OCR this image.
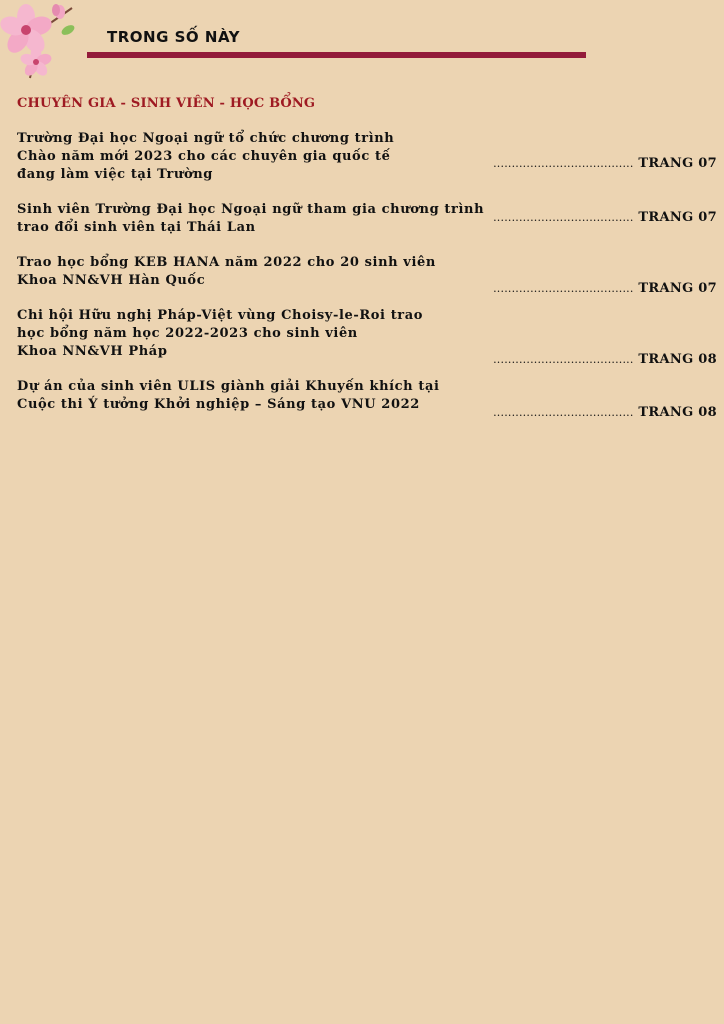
TRONG SỐ NÀY
CHUYÊN GIA - SINH VIÊN - HỌC BỔNG
Trường Đại học Ngoại ngữ tổ chức chương trình
Chào năm mới 2023 cho các chuyên gia quốc tế
đang làm việc tại Trường
...................................... TRANG 07
Sinh viên Trường Đại học Ngoại ngữ tham gia chương trình
trao đổi sinh viên tại Thái Lan
...................................... TRANG 07
Trao học bổng KEB HANA năm 2022 cho 20 sinh viên
Khoa NN&VH Hàn Quốc
...................................... TRANG 07
Chi hội Hữu nghị Pháp-Việt vùng Choisy-le-Roi trao
học bổng năm học 2022-2023 cho sinh viên
Khoa NN&VH Pháp
...................................... TRANG 08
Dự án của sinh viên ULIS giành giải Khuyến khích tại
Cuộc thi Ý tưởng Khởi nghiệp – Sáng tạo VNU 2022
...................................... TRANG 08
